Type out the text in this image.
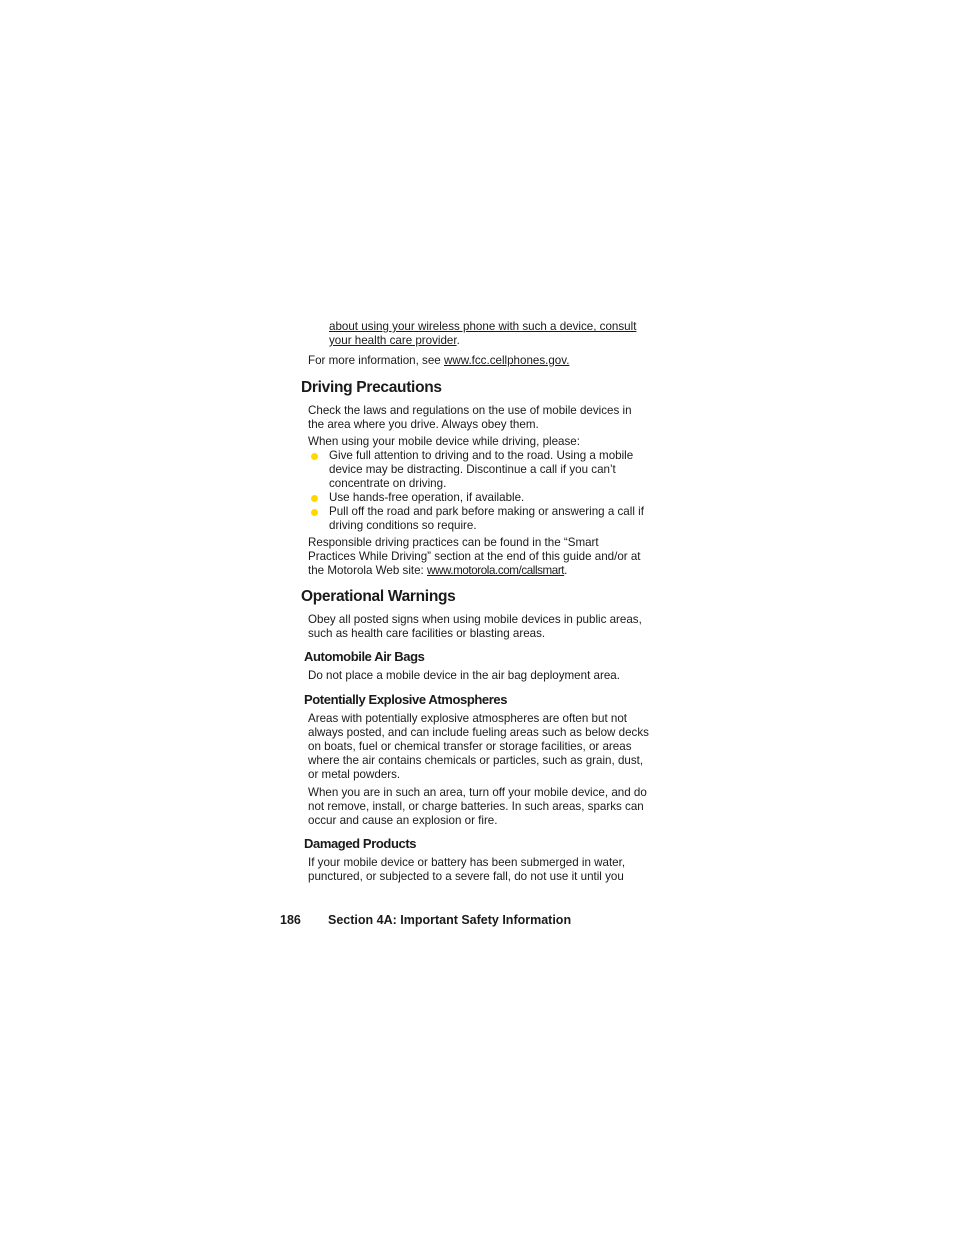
about using your wireless phone with such a device, consult
your health care provider.
For more information, see www.fcc.cellphones.gov.
Driving Precautions
Check the laws and regulations on the use of mobile devices in
the area where you drive. Always obey them.
When using your mobile device while driving, please:
Give full attention to driving and to the road. Using a mobile
device may be distracting. Discontinue a call if you can’t
concentrate on driving.
Use hands-free operation, if available.
Pull off the road and park before making or answering a call if
driving conditions so require.
Responsible driving practices can be found in the “Smart
Practices While Driving” section at the end of this guide and/or at
the Motorola Web site: www.motorola.com/callsmart.
Operational Warnings
Obey all posted signs when using mobile devices in public areas,
such as health care facilities or blasting areas.
Automobile Air Bags
Do not place a mobile device in the air bag deployment area.
Potentially Explosive Atmospheres
Areas with potentially explosive atmospheres are often but not
always posted, and can include fueling areas such as below decks
on boats, fuel or chemical transfer or storage facilities, or areas
where the air contains chemicals or particles, such as grain, dust,
or metal powders.
When you are in such an area, turn off your mobile device, and do
not remove, install, or charge batteries. In such areas, sparks can
occur and cause an explosion or fire.
Damaged Products
If your mobile device or battery has been submerged in water,
punctured, or subjected to a severe fall, do not use it until you
186 Section 4A: Important Safety Information
